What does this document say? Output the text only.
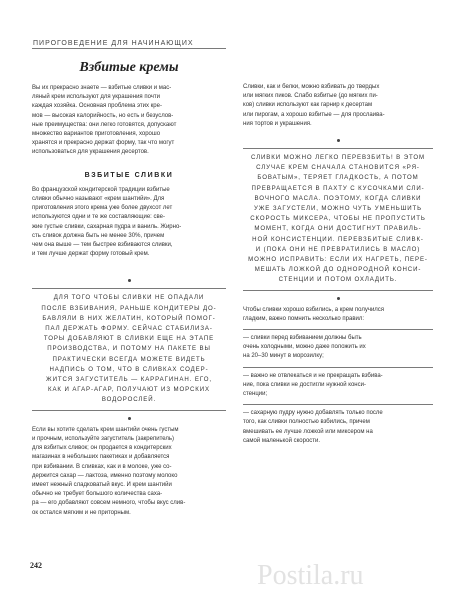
ПИРОГОВЕДЕНИЕ ДЛЯ НАЧИНАЮЩИХ
Взбитые кремы

Вы их прекрасно знаете — взбитые сливки и мас-

ляный крем используют для украшения почти

каждая хозяйка. Основная проблема этих кре-

мов — высокая калорийность, но есть и безуслов-

ные преимущества: они легко готовятся, допускают

множество вариантов приготовления, хорошо

хранятся и прекрасно держат форму, так что могут

использоваться для украшения десертов.

ВЗБИТЫЕ СЛИВКИ

Во французской кондитерской традиции взбитые

сливки обычно называют «крем шантийи». Для

приготовления этого крема уже более двухсот лет

используются одни и те же составляющие: све-

жие густые сливки, сахарная пудра и ваниль. Жирно-

сть сливок должна быть не менее 30%, причем

чем она выше — тем быстрее взбиваются сливки,

и тем лучше держат форму готовый крем.

ДЛЯ ТОГО ЧТОБЫ СЛИВКИ НЕ ОПАДАЛИ

ПОСЛЕ ВЗБИВАНИЯ, РАНЬШЕ КОНДИТЕРЫ ДО-

БАВЛЯЛИ В НИХ ЖЕЛАТИН, КОТОРЫЙ ПОМОГ-

ПАЛ ДЕРЖАТЬ ФОРМУ. СЕЙЧАС СТАБИЛИЗА-

ТОРЫ ДОБАВЛЯЮТ В СЛИВКИ ЕЩЕ НА ЭТАПЕ

ПРОИЗВОДСТВА, И ПОТОМУ НА ПАКЕТЕ ВЫ

ПРАКТИЧЕСКИ ВСЕГДА МОЖЕТЕ ВИДЕТЬ

НАДПИСЬ О ТОМ, ЧТО В СЛИВКАХ СОДЕР-

ЖИТСЯ ЗАГУСТИТЕЛЬ — КАРРАГИНАН. ЕГО,

КАК И АГАР-АГАР, ПОЛУЧАЮТ ИЗ МОРСКИХ

ВОДОРОСЛЕЙ.

Если вы хотите сделать крем шантийи очень густым

и прочным, используйте загуститель (закрепитель)

для взбитых сливок; он продается в кондитерских

магазинах в небольших пакетиках и добавляется

при взбивании. В сливках, как и в молоке, уже со-

держится сахар — лактоза, именно поэтому молоко

имеет нежный сладковатый вкус. И крем шантийи

обычно не требует большого количества саха-

ра — его добавляют совсем немного, чтобы вкус слив-

ок остался мягким и не приторным.

Сливки, как и белки, можно взбивать до твердых

или мягких пиков. Слабо взбитые (до мягких пи-

ков) сливки используют как гарнир к десертам

или пирогам, а хорошо взбитые — для прослаива-

ния тортов и украшения.

СЛИВКИ МОЖНО ЛЕГКО ПЕРЕВЗБИТЬ! В ЭТОМ

СЛУЧАЕ КРЕМ СНАЧАЛА СТАНОВИТСЯ «РЯ-

БОВАТЫМ», ТЕРЯЕТ ГЛАДКОСТЬ, А ПОТОМ

ПРЕВРАЩАЕТСЯ В ПАХТУ С КУСОЧКАМИ СЛИ-

ВОЧНОГО МАСЛА. ПОЭТОМУ, КОГДА СЛИВКИ

УЖЕ ЗАГУСТЕЛИ, МОЖНО ЧУТЬ УМЕНЬШИТЬ

СКОРОСТЬ МИКСЕРА, ЧТОБЫ НЕ ПРОПУСТИТЬ

МОМЕНТ, КОГДА ОНИ ДОСТИГНУТ ПРАВИЛЬ-

НОЙ КОНСИСТЕНЦИИ. ПЕРЕВЗБИТЫЕ СЛИВК-

И (ПОКА ОНИ НЕ ПРЕВРАТИЛИСЬ В МАСЛО)

МОЖНО ИСПРАВИТЬ: ЕСЛИ ИХ НАГРЕТЬ, ПЕРЕ-

МЕШАТЬ ЛОЖКОЙ ДО ОДНОРОДНОЙ КОНСИ-

СТЕНЦИИ И ПОТОМ ОХЛАДИТЬ.

Чтобы сливки хорошо взбились, а крем получился

гладким, важно помнить несколько правил:

— сливки перед взбиванием должны быть

очень холодными, можно даже положить их

на 20–30 минут в морозилку;

— важно не отвлекаться и не прекращать взбива-

ние, пока сливки не достигли нужной конси-

стенции;

— сахарную пудру нужно добавлять только после

того, как сливки полностью взбились, причем

вмешивать ее лучше ложкой или миксером на

самой маленькой скорости.

242	Postila.ru
